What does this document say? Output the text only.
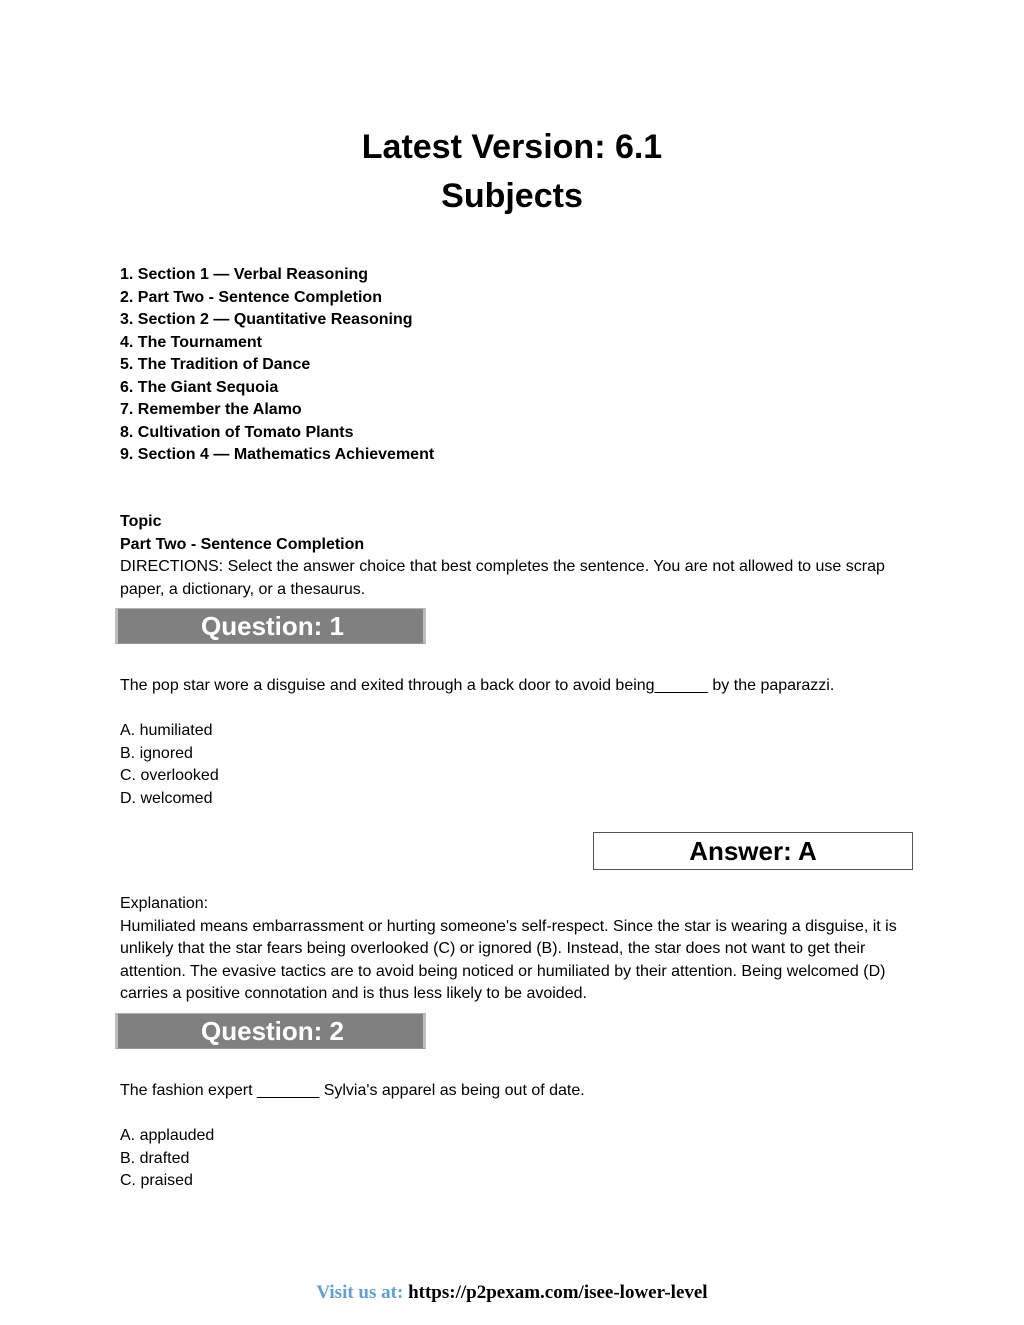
Latest Version: 6.1
Subjects
1. Section 1 — Verbal Reasoning
2. Part Two - Sentence Completion
3. Section 2 — Quantitative Reasoning
4. The Tournament
5. The Tradition of Dance
6. The Giant Sequoia
7. Remember the Alamo
8. Cultivation of Tomato Plants
9. Section 4 — Mathematics Achievement
Topic
Part Two - Sentence Completion
DIRECTIONS: Select the answer choice that best completes the sentence. You are not allowed to use scrap paper, a dictionary, or a thesaurus.
Question: 1
The pop star wore a disguise and exited through a back door to avoid being______ by the paparazzi.
A. humiliated
B. ignored
C. overlooked
D. welcomed
Answer: A
Explanation:
Humiliated means embarrassment or hurting someone's self-respect. Since the star is wearing a disguise, it is unlikely that the star fears being overlooked (C) or ignored (B). Instead, the star does not want to get their attention. The evasive tactics are to avoid being noticed or humiliated by their attention. Being welcomed (D) carries a positive connotation and is thus less likely to be avoided.
Question: 2
The fashion expert _______ Sylvia's apparel as being out of date.
A. applauded
B. drafted
C. praised
Visit us at: https://p2pexam.com/isee-lower-level
